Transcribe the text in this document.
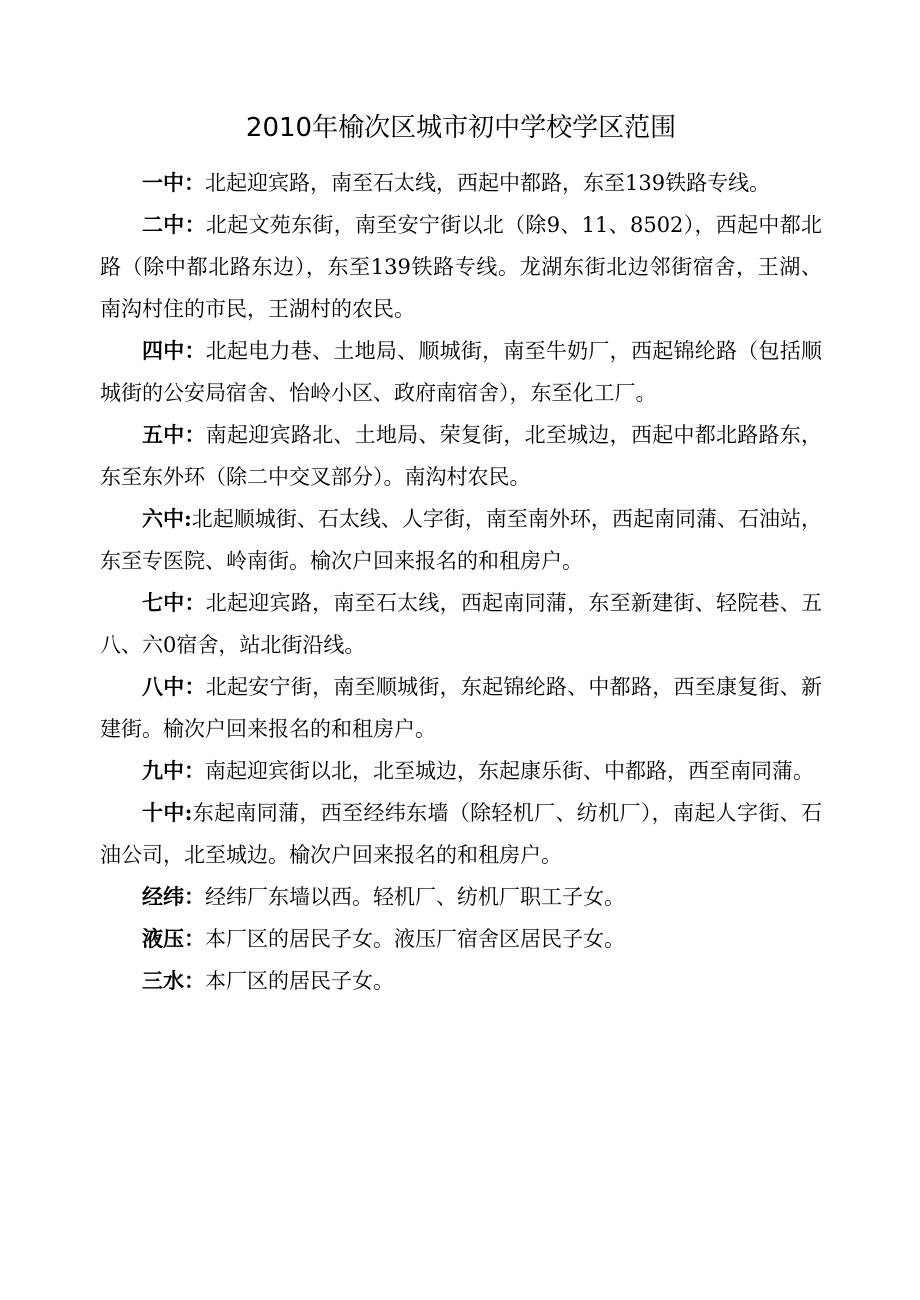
2010年榆次区城市初中学校学区范围

一中：北起迎宾路，南至石太线，西起中都路，东至139铁路专线。

二中：北起文苑东街，南至安宁街以北（除9、11、8502），西起中都北路（除中都北路东边），东至139铁路专线。龙湖东街北边邻街宿舍，王湖、南沟村住的市民，王湖村的农民。

四中：北起电力巷、土地局、顺城街，南至牛奶厂，西起锦纶路（包括顺城街的公安局宿舍、怡岭小区、政府南宿舍），东至化工厂。

五中：南起迎宾路北、土地局、荣复街，北至城边，西起中都北路路东，东至东外环（除二中交叉部分）。南沟村农民。

六中:北起顺城街、石太线、人字街，南至南外环，西起南同蒲、石油站，东至专医院、岭南街。榆次户回来报名的和租房户。

七中：北起迎宾路，南至石太线，西起南同蒲，东至新建街、轻院巷、五八、六0宿舍，站北街沿线。

八中：北起安宁街，南至顺城街，东起锦纶路、中都路，西至康复街、新建街。榆次户回来报名的和租房户。

九中：南起迎宾街以北，北至城边，东起康乐街、中都路，西至南同蒲。

十中:东起南同蒲，西至经纬东墙（除轻机厂、纺机厂），南起人字街、石油公司，北至城边。榆次户回来报名的和租房户。

经纬：经纬厂东墙以西。轻机厂、纺机厂职工子女。

液压：本厂区的居民子女。液压厂宿舍区居民子女。

三水：本厂区的居民子女。
